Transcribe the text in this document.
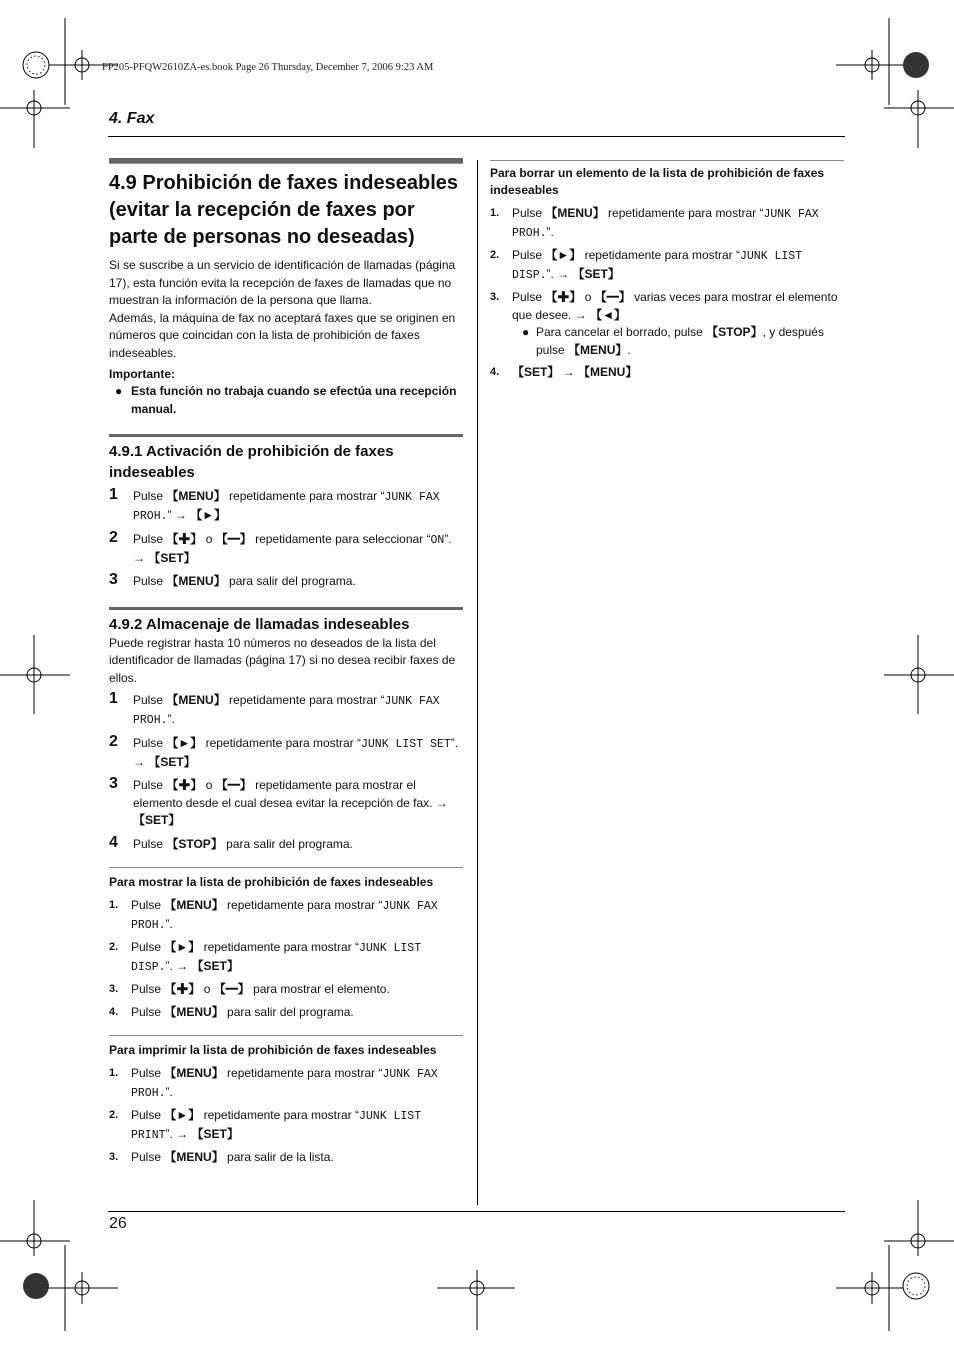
FP205-PFQW2610ZA-es.book Page 26 Thursday, December 7, 2006 9:23 AM
4. Fax
26
4.9 Prohibición de faxes indeseables (evitar la recepción de faxes por parte de personas no deseadas)

Si se suscribe a un servicio de identificación de llamadas (página 17), esta función evita la recepción de faxes de llamadas que no muestran la información de la persona que llama.

Además, la máquina de fax no aceptará faxes que se originen en números que coincidan con la lista de prohibición de faxes indeseables.

Importante:
● Esta función no trabaja cuando se efectúa una recepción manual.
4.9.1 Activación de prohibición de faxes indeseables
1 Pulse 【MENU】 repetidamente para mostrar “JUNK FAX PROH.” → 【►】
2 Pulse 【✚】 o 【━】 repetidamente para seleccionar “ON”. → 【SET】
3 Pulse 【MENU】 para salir del programa.
4.9.2 Almacenaje de llamadas indeseables

Puede registrar hasta 10 números no deseados de la lista del identificador de llamadas (página 17) si no desea recibir faxes de ellos.

1 Pulse 【MENU】 repetidamente para mostrar “JUNK FAX PROH.”.
2 Pulse 【►】 repetidamente para mostrar “JUNK LIST SET”. → 【SET】
3 Pulse 【✚】 o 【━】 repetidamente para mostrar el elemento desde el cual desea evitar la recepción de fax. → 【SET】
4 Pulse 【STOP】 para salir del programa.
Para mostrar la lista de prohibición de faxes indeseables
1. Pulse 【MENU】 repetidamente para mostrar “JUNK FAX PROH.”.
2. Pulse 【►】 repetidamente para mostrar “JUNK LIST DISP.”. → 【SET】
3. Pulse 【✚】 o 【━】 para mostrar el elemento.
4. Pulse 【MENU】 para salir del programa.
Para imprimir la lista de prohibición de faxes indeseables
1. Pulse 【MENU】 repetidamente para mostrar “JUNK FAX PROH.”.
2. Pulse 【►】 repetidamente para mostrar “JUNK LIST PRINT”. → 【SET】
3. Pulse 【MENU】 para salir de la lista.
Para borrar un elemento de la lista de prohibición de faxes indeseables
1. Pulse 【MENU】 repetidamente para mostrar “JUNK FAX PROH.”.
2. Pulse 【►】 repetidamente para mostrar “JUNK LIST DISP.”. → 【SET】
3. Pulse 【✚】 o 【━】 varias veces para mostrar el elemento que desee. → 【◄】
● Para cancelar el borrado, pulse 【STOP】, y después pulse 【MENU】.
4. 【SET】 → 【MENU】
